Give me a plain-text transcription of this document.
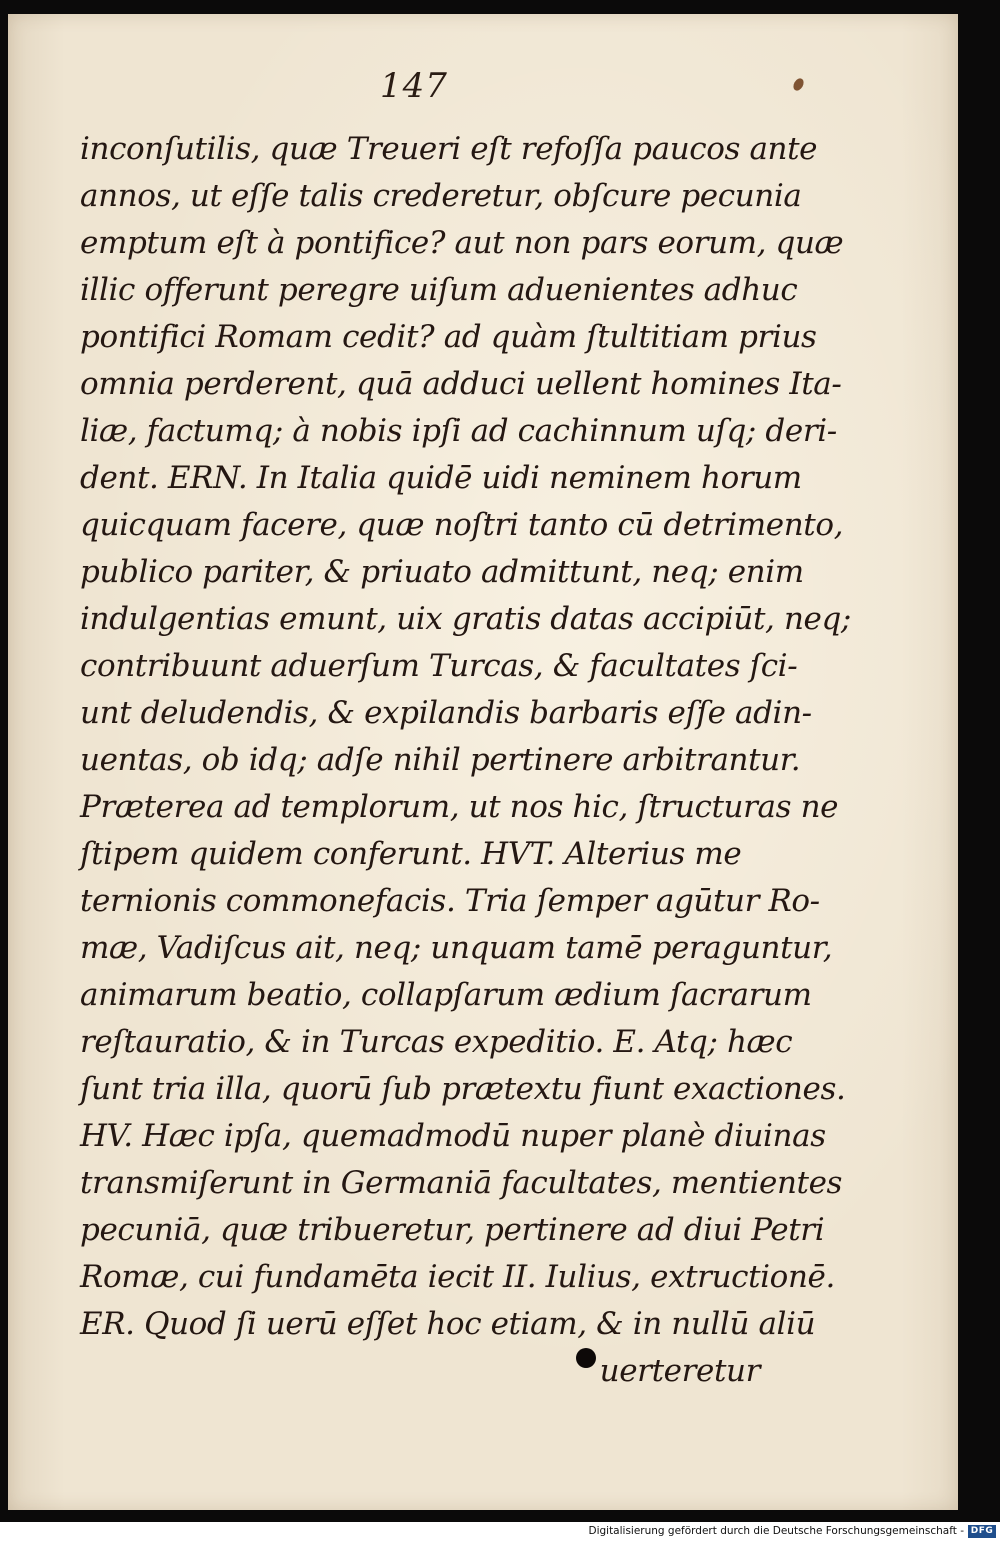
147
inconſutilis, quæ Treueri eſt refoſſa paucos ante
annos, ut eſſe talis crederetur, obſcure pecunia
emptum eſt à pontifice? aut non pars eorum, quæ
illic offerunt peregre uiſum aduenientes adhuc
pontifici Romam cedit? ad quàm ſtultitiam prius
omnia perderent, quā adduci uellent homines Ita-
liæ, factumq; à nobis ipſi ad cachinnum uſq; deri-
dent. ERN. In Italia quidē uidi neminem horum
quicquam facere, quæ noſtri tanto cū detrimento,
publico pariter, & priuato admittunt, neq; enim
indulgentias emunt, uix gratis datas accipiūt, neq;
contribuunt aduerſum Turcas, & facultates ſci-
unt deludendis, & expilandis barbaris eſſe adin-
uentas, ob idq; adſe nihil pertinere arbitrantur.
Præterea ad templorum, ut nos hic, ſtructuras ne
ſtipem quidem conferunt. HVT. Alterius me
ternionis commonefacis. Tria ſemper agūtur Ro-
mæ, Vadiſcus ait, neq; unquam tamē peraguntur,
animarum beatio, collapſarum ædium ſacrarum
reſtauratio, & in Turcas expeditio. E. Atq; hæc
ſunt tria illa, quorū ſub prætextu fiunt exactiones.
HV. Hæc ipſa, quemadmodū nuper planè diuinas
transmiſerunt in Germaniā facultates, mentientes
pecuniā, quæ tribueretur, pertinere ad diui Petri
Romæ, cui fundamēta iecit II. Iulius, extructionē.
ER. Quod ſi uerū eſſet hoc etiam, & in nullū aliū
uerteretur
Digitalisierung gefördert durch die Deutsche Forschungsgemeinschaft - DFG
